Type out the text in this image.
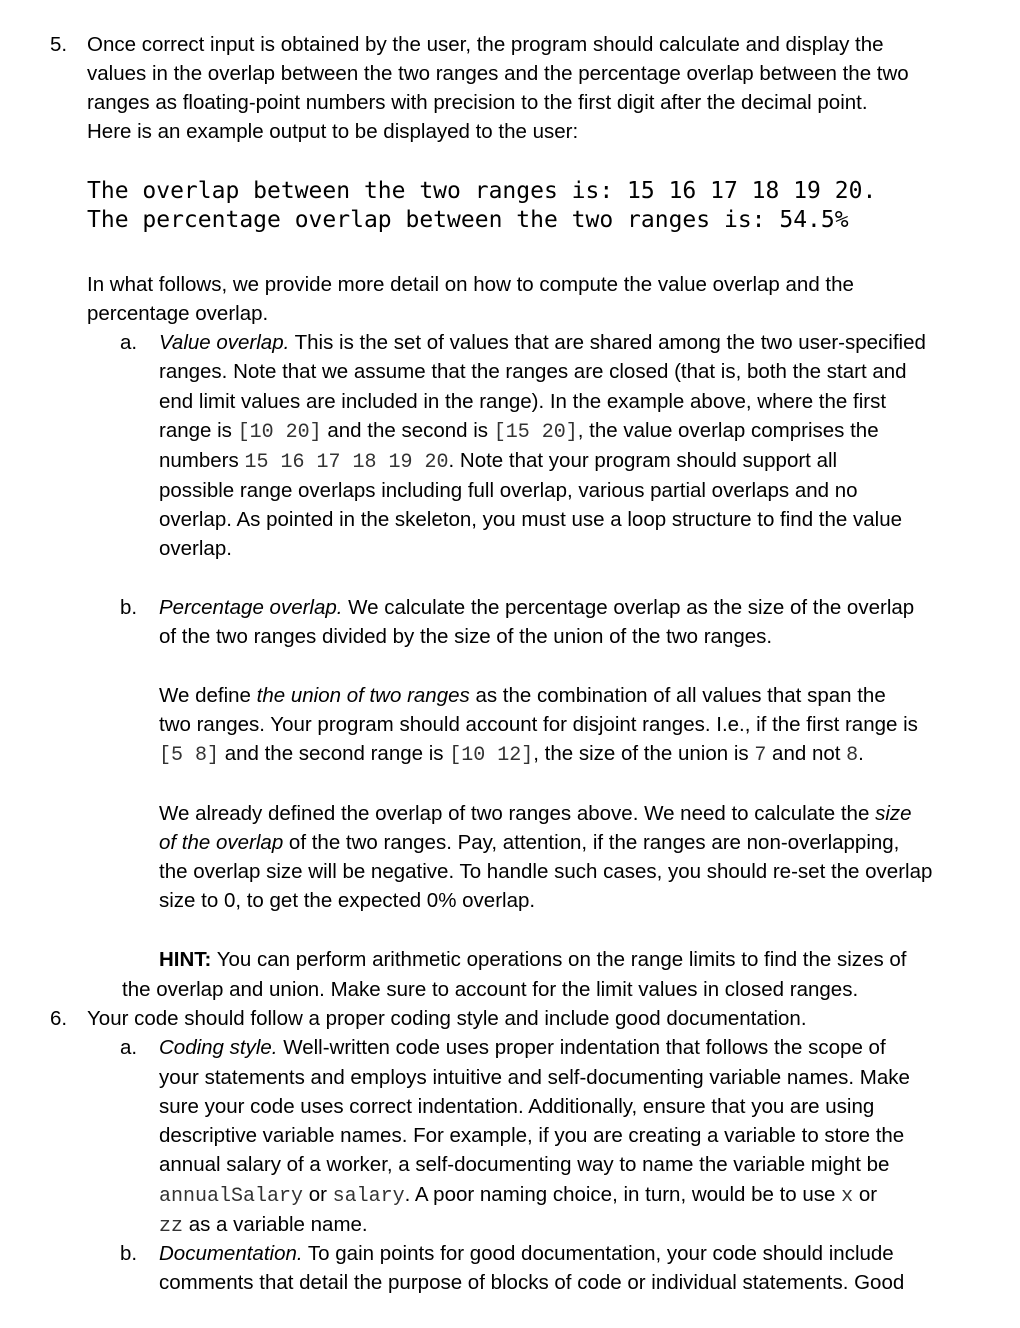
5. Once correct input is obtained by the user, the program should calculate and display the
values in the overlap between the two ranges and the percentage overlap between the two
ranges as floating-point numbers with precision to the first digit after the decimal point.
Here is an example output to be displayed to the user:
The overlap between the two ranges is: 15 16 17 18 19 20.
The percentage overlap between the two ranges is: 54.5%
In what follows, we provide more detail on how to compute the value overlap and the
percentage overlap.
a. Value overlap. This is the set of values that are shared among the two user-specified
ranges. Note that we assume that the ranges are closed (that is, both the start and
end limit values are included in the range). In the example above, where the first
range is [10 20] and the second is [15 20], the value overlap comprises the
numbers 15 16 17 18 19 20. Note that your program should support all
possible range overlaps including full overlap, various partial overlaps and no
overlap. As pointed in the skeleton, you must use a loop structure to find the value
overlap.
b. Percentage overlap. We calculate the percentage overlap as the size of the overlap
of the two ranges divided by the size of the union of the two ranges.
We define the union of two ranges as the combination of all values that span the
two ranges. Your program should account for disjoint ranges. I.e., if the first range is
[5 8] and the second range is [10 12], the size of the union is 7 and not 8.
We already defined the overlap of two ranges above. We need to calculate the size
of the overlap of the two ranges. Pay, attention, if the ranges are non-overlapping,
the overlap size will be negative. To handle such cases, you should re-set the overlap
size to 0, to get the expected 0% overlap.
HINT: You can perform arithmetic operations on the range limits to find the sizes of
the overlap and union. Make sure to account for the limit values in closed ranges.
6. Your code should follow a proper coding style and include good documentation.
a. Coding style. Well-written code uses proper indentation that follows the scope of
your statements and employs intuitive and self-documenting variable names. Make
sure your code uses correct indentation. Additionally, ensure that you are using
descriptive variable names. For example, if you are creating a variable to store the
annual salary of a worker, a self-documenting way to name the variable might be
annualSalary or salary. A poor naming choice, in turn, would be to use x or
zz as a variable name.
b. Documentation. To gain points for good documentation, your code should include
comments that detail the purpose of blocks of code or individual statements. Good
